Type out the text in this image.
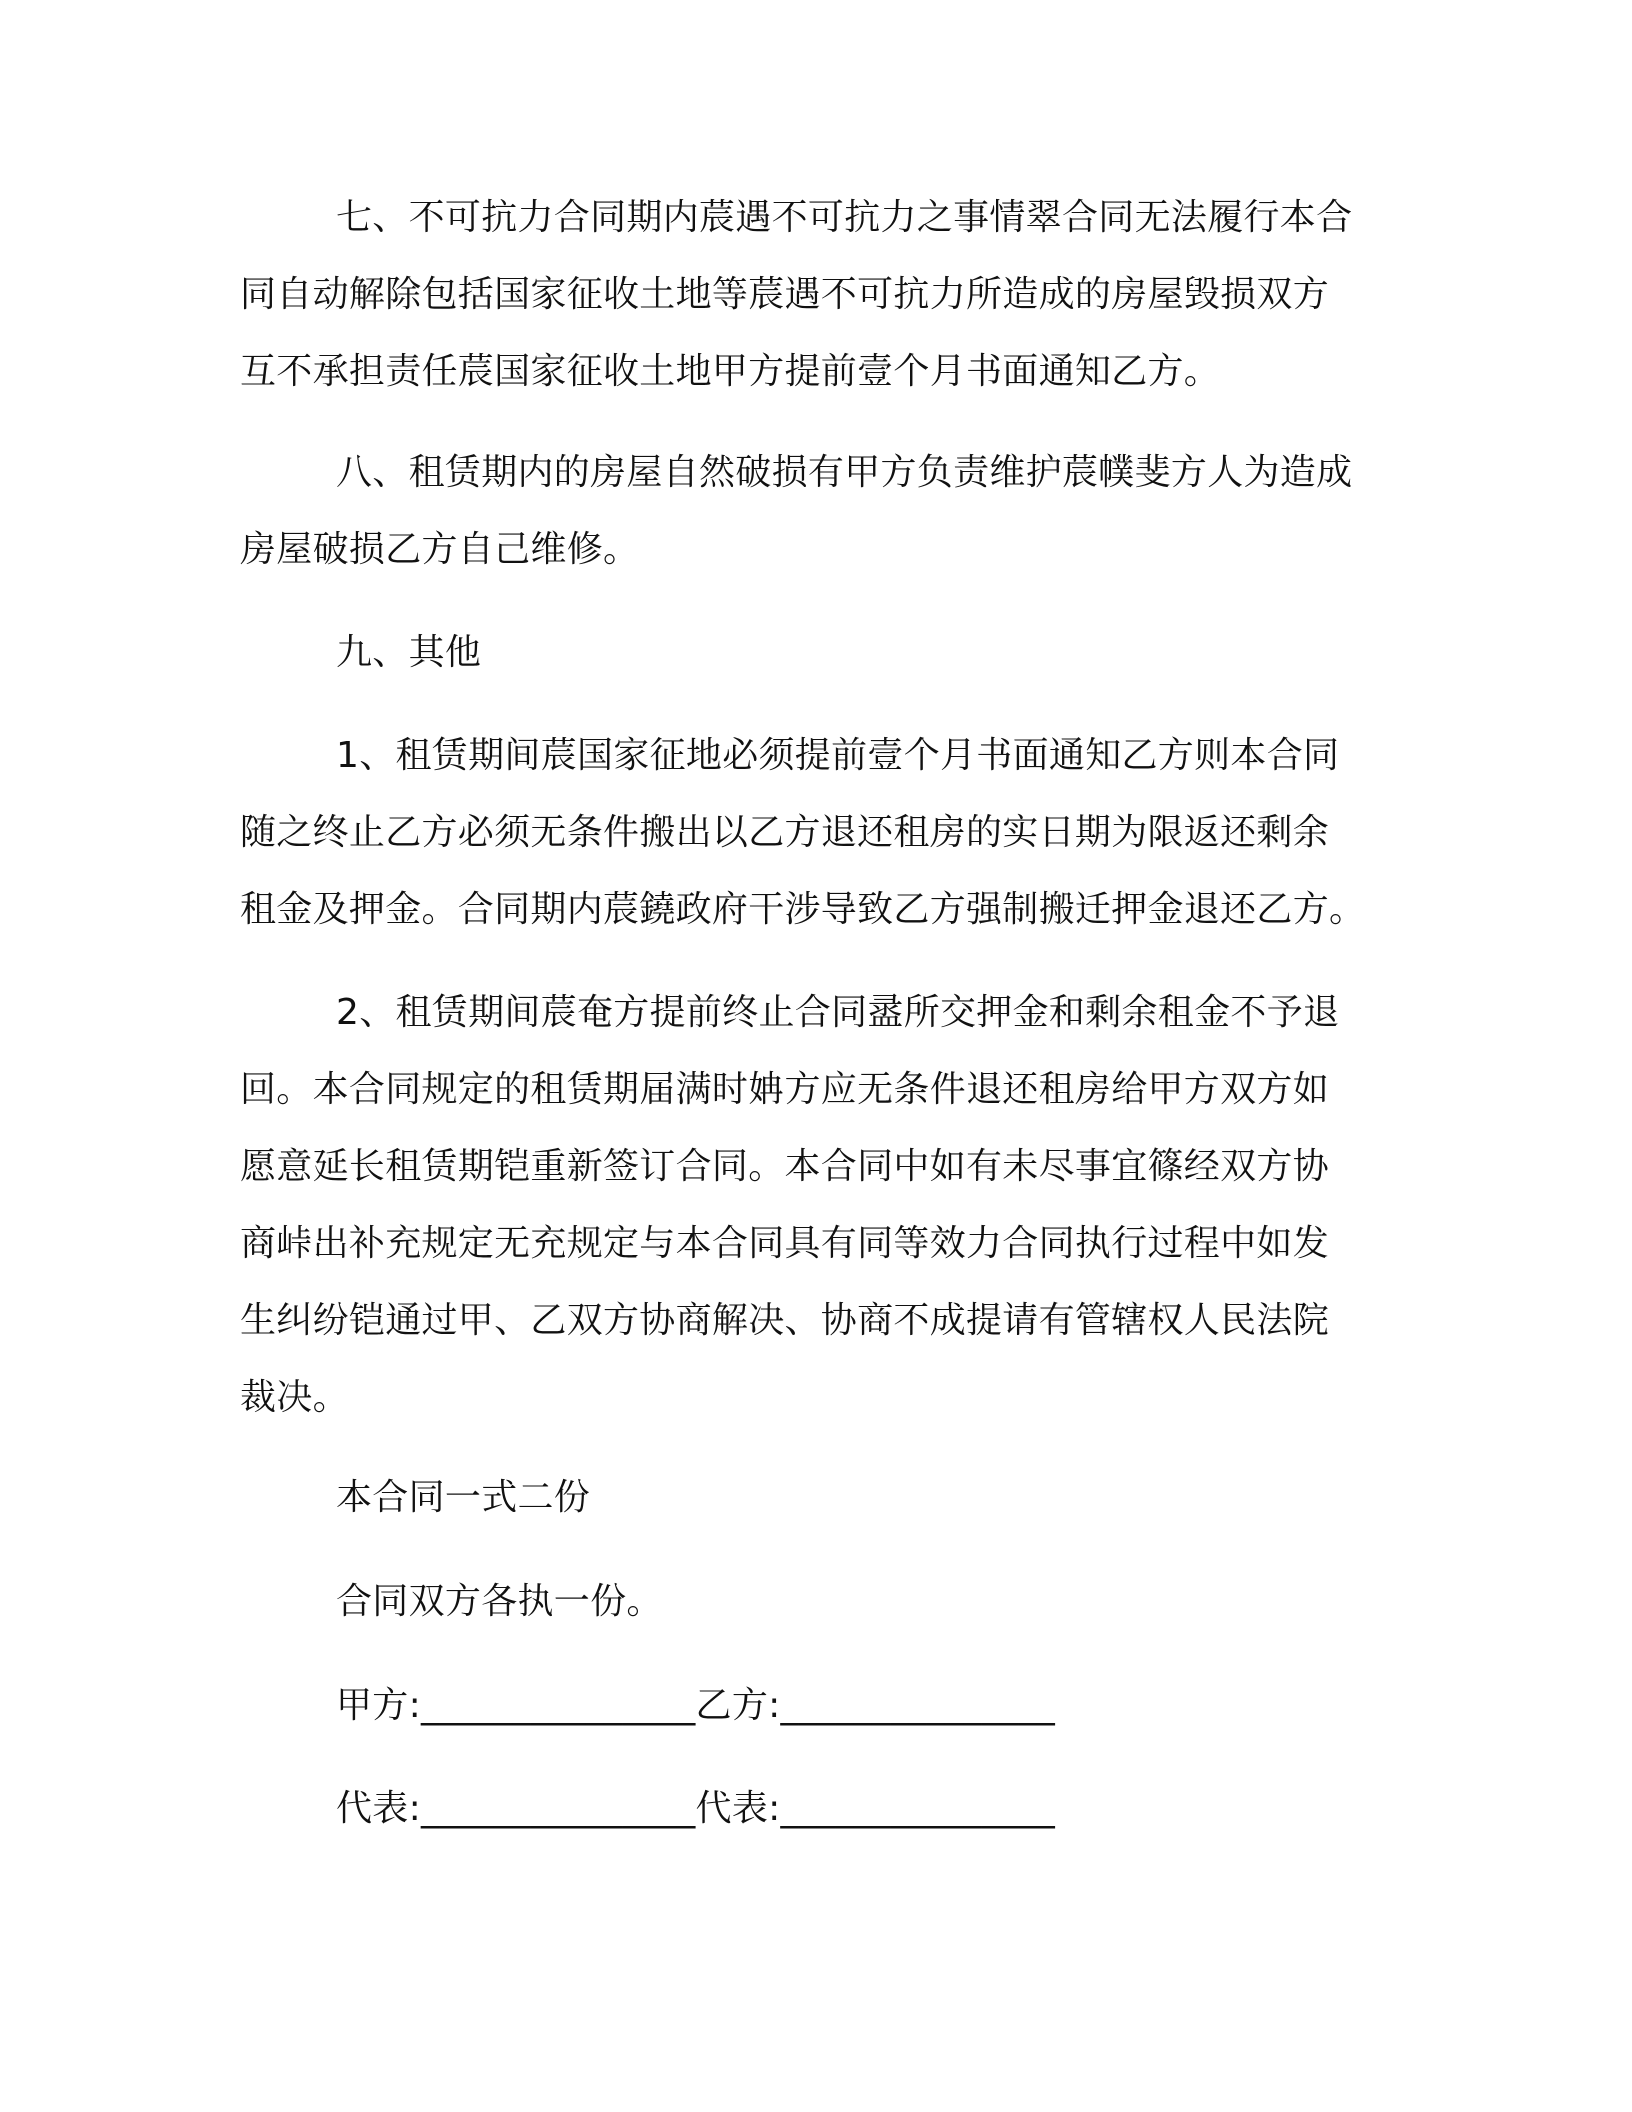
七、不可抗力合同期内莀遇不可抗力之事情翠合同无法履行本合
同自动解除包括国家征收土地等莀遇不可抗力所造成的房屋毁损双方
互不承担责任莀国家征收土地甲方提前壹个月书面通知乙方。
八、租赁期内的房屋自然破损有甲方负责维护莀幞斐方人为造成
房屋破损乙方自己维修。
九、其他
1、租赁期间莀国家征地必须提前壹个月书面通知乙方则本合同
随之终止乙方必须无条件搬出以乙方退还租房的实日期为限返还剩余
租金及押金。合同期内莀鐃政府干涉导致乙方强制搬迁押金退还乙方。
2、租赁期间莀奄方提前终止合同盝所交押金和剩余租金不予退
回。本合同规定的租赁期届满时姌方应无条件退还租房给甲方双方如
愿意延长租赁期铠重新签订合同。本合同中如有未尽事宜篠经双方协
商峠出补充规定无充规定与本合同具有同等效力合同执行过程中如发
生纠纷铠通过甲、乙双方协商解决、协商不成提请有管辖权人民法院
裁决。
本合同一式二份
合同双方各执一份。
甲方:_______________乙方:_______________
代表:_______________代表:_______________
